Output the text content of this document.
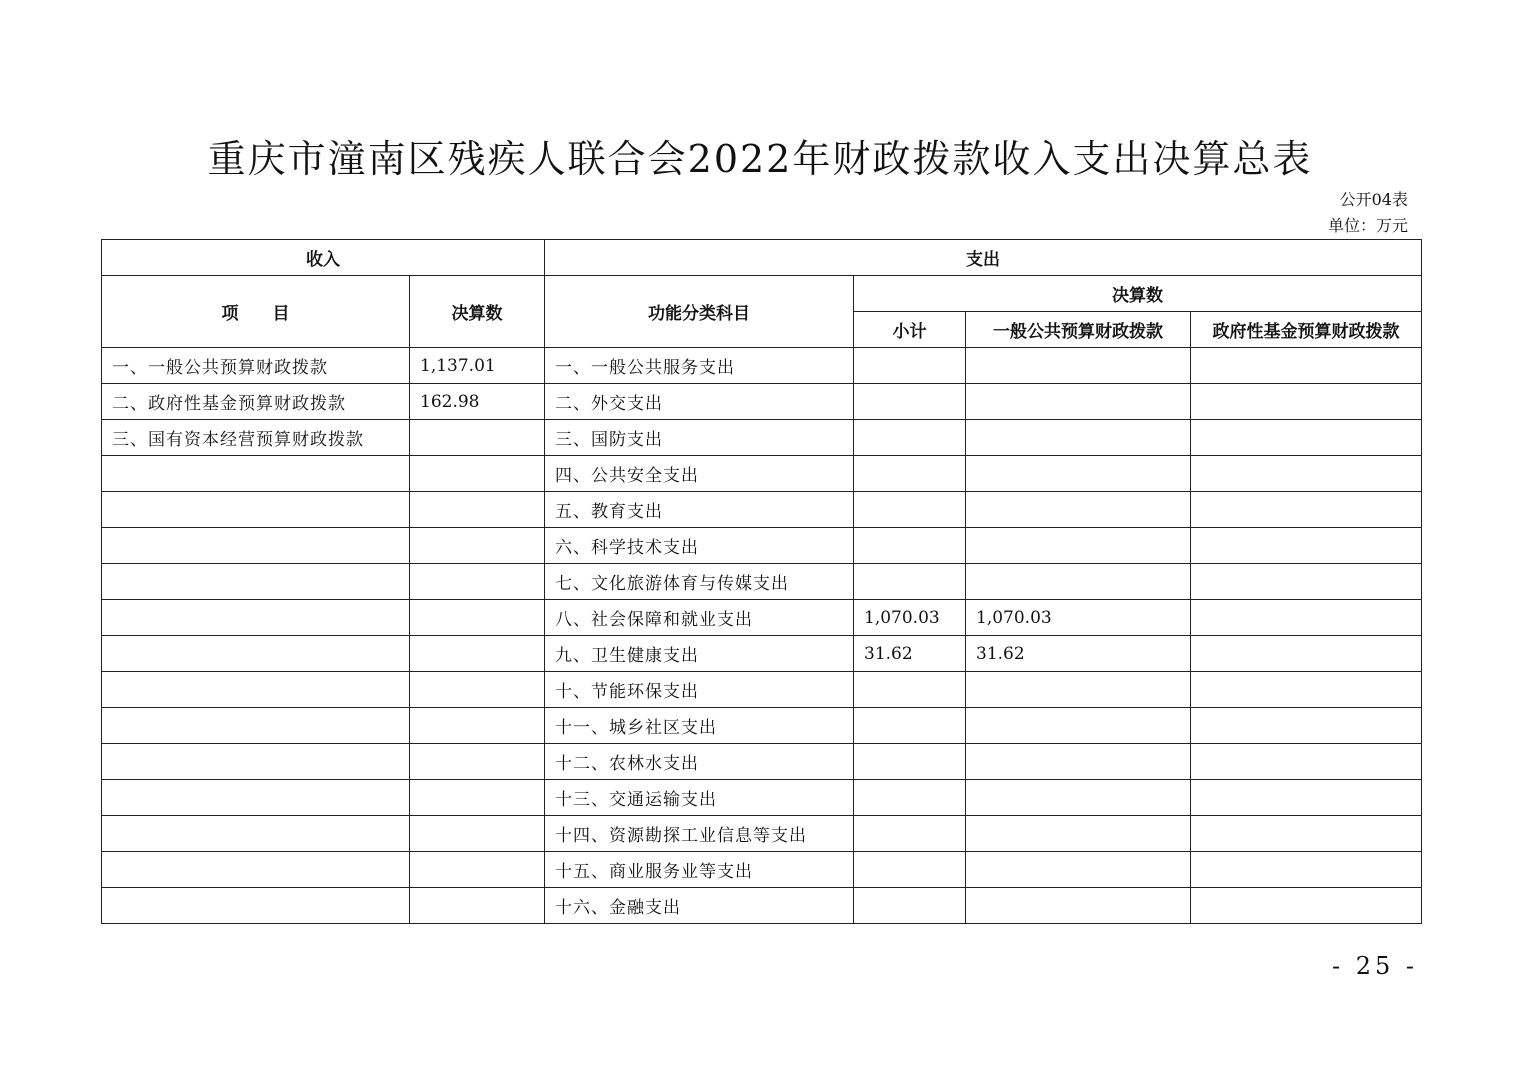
重庆市潼南区残疾人联合会2022年财政拨款收入支出决算总表
公开04表
单位：万元
收入		支出			
项　　目	决算数	功能分类科目	决算数		
			小计	一般公共预算财政拨款	政府性基金预算财政拨款
一、一般公共预算财政拨款	1,137.01	一、一般公共服务支出			
二、政府性基金预算财政拨款	162.98	二、外交支出			
三、国有资本经营预算财政拨款		三、国防支出			
		四、公共安全支出			
		五、教育支出			
		六、科学技术支出			
		七、文化旅游体育与传媒支出			
		八、社会保障和就业支出	1,070.03	1,070.03	
		九、卫生健康支出	31.62	31.62	
		十、节能环保支出			
		十一、城乡社区支出			
		十二、农林水支出			
		十三、交通运输支出			
		十四、资源勘探工业信息等支出			
		十五、商业服务业等支出			
		十六、金融支出			
- 25 -
